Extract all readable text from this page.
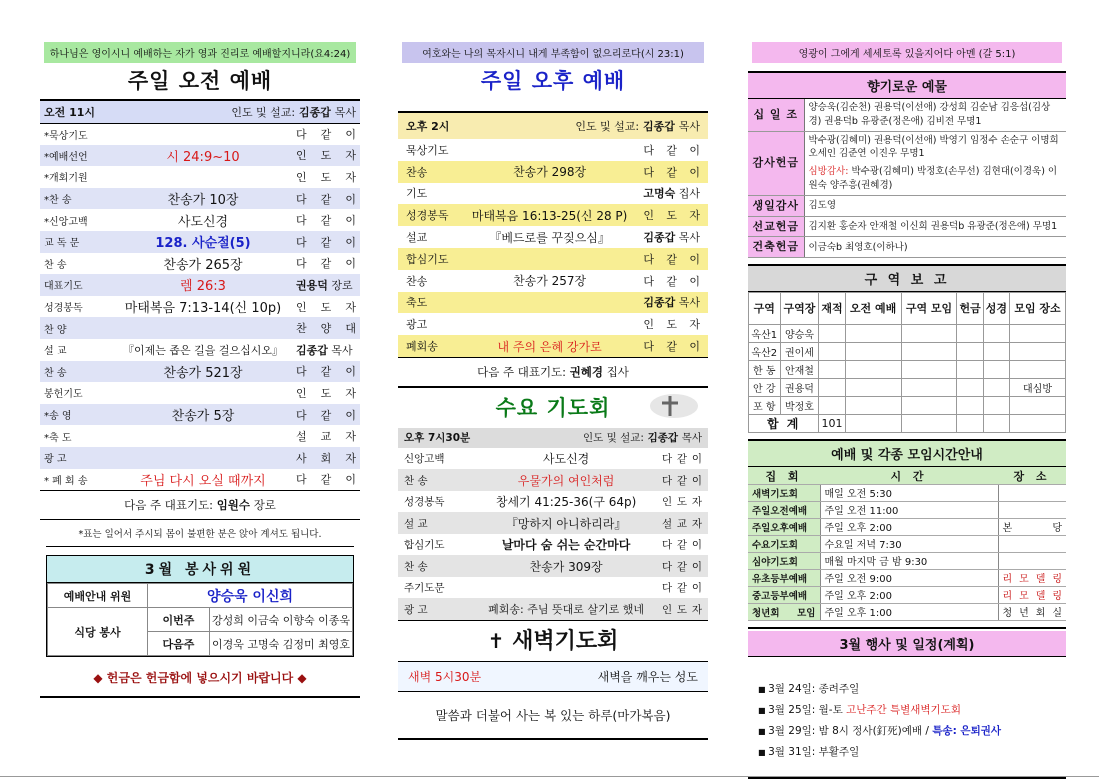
하나님은 영이시니 예배하는 자가 영과 진리로 예배할지니라(요4:24)
주일 오전 예배
오전 11시	인도 및 설교: 김종갑 목사	
*묵상기도		다 같 이
*예배선언	시 24:9~10	인 도 자
*개회기원		인 도 자
*찬 송	찬송가 10장	다 같 이
*신앙고백	사도신경	다 같 이
교 독 문	128. 사순절(5)	다 같 이
찬 송	찬송가 265장	다 같 이
대표기도	렘 26:3	권용덕 장로
성경봉독	마태복음 7:13-14(신 10p)	인 도 자
찬 양		찬 양 대
설 교	『이제는 좁은 길을 걸으십시오』	김종갑 목사
찬 송	찬송가 521장	다 같 이
봉헌기도		인 도 자
*송 영	찬송가 5장	다 같 이
*축 도		설 교 자
광 고		사 회 자
* 폐 회 송	주님 다시 오실 때까지	다 같 이
다음 주 대표기도: 임원수 장로
*표는 일어서 주시되 몸이 불편한 분은 앉아 계셔도 됩니다.
3월 봉사위원
예배안내 위원	양승욱 이신희	
식당 봉사	이번주	강성희 이금숙 이향숙 이종욱
	다음주	이경욱 고명숙 김정미 최영호
◆ 헌금은 헌금함에 넣으시기 바랍니다 ◆
여호와는 나의 목자시니 내게 부족함이 없으리로다(시 23:1)
주일 오후 예배
오후 2시	인도 및 설교: 김종갑 목사	
묵상기도		다 같 이
찬송	찬송가 298장	다 같 이
기도		고명숙 집사
성경봉독	마태복음 16:13-25(신 28 P)	인 도 자
설교	『베드로를 꾸짖으심』	김종갑 목사
합심기도		다 같 이
찬송	찬송가 257장	다 같 이
축도		김종갑 목사
광고		인 도 자
폐회송	내 주의 은혜 강가로	다 같 이
다음 주 대표기도: 권혜경 집사
수요 기도회
오후 7시30분	인도 및 설교: 김종갑 목사	
신앙고백	사도신경	다 같 이
찬 송	우물가의 여인처럼	다 같 이
성경봉독	창세기 41:25-36(구 64p)	인 도 자
설 교	『망하지 아니하리라』	설 교 자
합심기도	날마다 숨 쉬는 순간마다	다 같 이
찬 송	찬송가 309장	다 같 이
주기도문		다 같 이
광 고	폐회송: 주님 뜻대로 살기로 했네	인 도 자
✝ 새벽기도회
새벽 5시30분	새벽을 깨우는 성도
말씀과 더불어 사는 복 있는 하루(마가복음)
영광이 그에게 세세토록 있을지어다 아멘 (갈 5:1)
향기로운 예물
십 일 조	양승욱(김순천) 권용덕(이선애) 강성희 김순남 김응섭(김상경) 권용덕b 유광준(정은애) 김비전 무명1

감사헌금	박수광(김혜미) 권용덕(이선애) 박영기 임정수 손순구 이명희 오세인 김준연 이진우 무명1
심방감사: 박수광(김혜미) 박정호(손무선) 김현대(이경욱) 이원숙 양주흥(권혜경)

생일감사	김도영

선교헌금	김지환 홍순자 안재철 이신희 권용덕b 유광준(정은애) 무명1

건축헌금	이금숙b 최영호(이하나)
구 역 보 고
구역	구역장	재적	오전 예배	구역 모임	헌금	성경	모임 장소
옥산1	양승욱						
옥산2	권이세						
한 동	안재철						
안 강	권용덕						대심방
포 항	박정호						
합 계		101					
예배 및 각종 모임시간안내
집 회	시 간	장 소
새벽기도회	매일 오전 5:30	
주일오전예배	주일 오전 11:00	
주일오후예배	주일 오후 2:00	본 당
수요기도회	수요일 저녁 7:30	
심야기도회	매월 마지막 금 밤 9:30	
유초등부예배	주일 오전 9:00	리 모 델 링
중고등부예배	주일 오후 2:00	리 모 델 링
청년회 모임	주일 오후 1:00	청 년 회 실
3월 행사 및 일정(계획)
■ 3월 24일: 종려주일
■ 3월 25일: 월-토 고난주간 특별새벽기도회
■ 3월 29일: 밤 8시 정사(釘死)예배 / 특송: 은퇴권사
■ 3월 31일: 부활주일
